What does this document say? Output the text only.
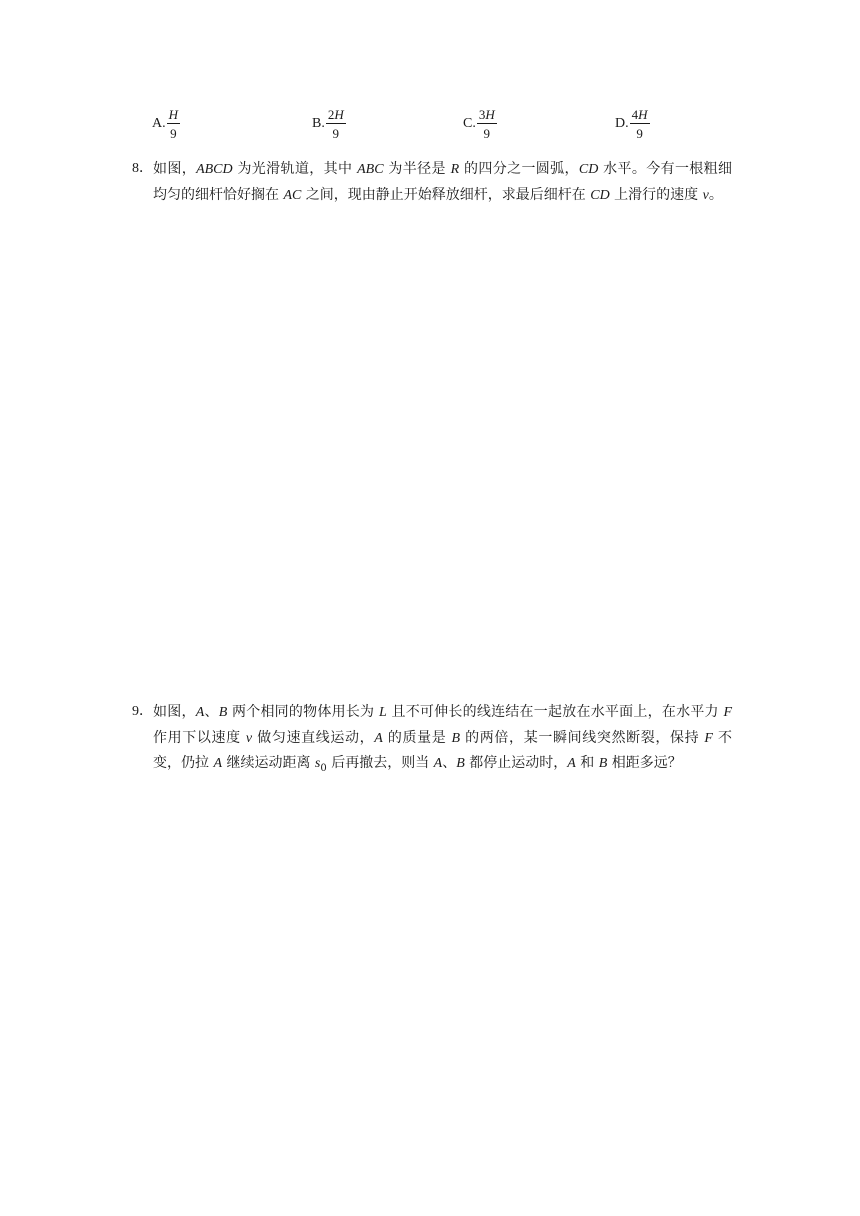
A. $\frac{H}{9}$	B. $\frac{2H}{9}$	C. $\frac{3H}{9}$	D. $\frac{4H}{9}$
8． 如图，ABCD 为光滑轨道，其中 ABC 为半径是 R 的四分之一圆弧，CD 水平。今有一根粗细均匀的细杆恰好搁在 AC 之间，现由静止开始释放细杆，求最后细杆在 CD 上滑行的速度 v。
9． 如图，A、B 两个相同的物体用长为 L 且不可伸长的线连结在一起放在水平面上，在水平力 F 作用下以速度 v 做匀速直线运动，A 的质量是 B 的两倍，某一瞬间线突然断裂，保持 F 不变，仍拉 A 继续运动距离 $s_0$ 后再撤去，则当 A、B 都停止运动时，A 和 B 相距多远？
